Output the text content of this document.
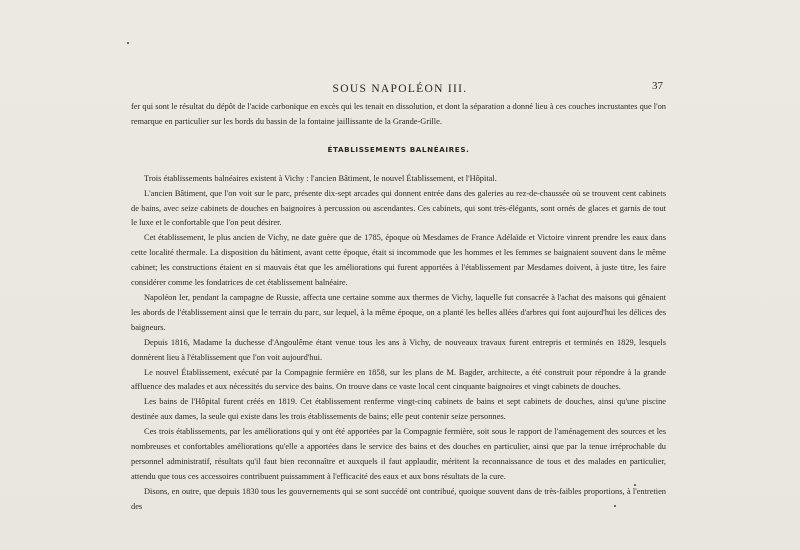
SOUS NAPOLÉON III.	37

fer qui sont le résultat du dépôt de l'acide carbonique en excès qui les tenait en dissolution, et dont la séparation a donné lieu à ces couches incrustantes que l'on remarque en particulier sur les bords du bassin de la fontaine jaillissante de la Grande-Grille.

ÉTABLISSEMENTS BALNÉAIRES.

Trois établissements balnéaires existent à Vichy : l'ancien Bâtiment, le nouvel Établissement, et l'Hôpital.

L'ancien Bâtiment, que l'on voit sur le parc, présente dix-sept arcades qui donnent entrée dans des galeries au rez-de-chaussée où se trouvent cent cabinets de bains, avec seize cabinets de douches en baignoires à percussion ou ascendantes. Ces cabinets, qui sont très-élégants, sont ornés de glaces et garnis de tout le luxe et le confortable que l'on peut désirer.

Cet établissement, le plus ancien de Vichy, ne date guère que de 1785, époque où Mesdames de France Adélaïde et Victoire vinrent prendre les eaux dans cette localité thermale. La disposition du bâtiment, avant cette époque, était si incommode que les hommes et les femmes se baignaient souvent dans le même cabinet; les constructions étaient en si mauvais état que les améliorations qui furent apportées à l'établissement par Mesdames doivent, à juste titre, les faire considérer comme les fondatrices de cet établissement balnéaire.

Napoléon Ier, pendant la campagne de Russie, affecta une certaine somme aux thermes de Vichy, laquelle fut consacrée à l'achat des maisons qui gênaient les abords de l'établissement ainsi que le terrain du parc, sur lequel, à la même époque, on a planté les belles allées d'arbres qui font aujourd'hui les délices des baigneurs.

Depuis 1816, Madame la duchesse d'Angoulême étant venue tous les ans à Vichy, de nouveaux travaux furent entrepris et terminés en 1829, lesquels donnèrent lieu à l'établissement que l'on voit aujourd'hui.

Le nouvel Établissement, exécuté par la Compagnie fermière en 1858, sur les plans de M. Bagder, architecte, a été construit pour répondre à la grande affluence des malades et aux nécessités du service des bains. On trouve dans ce vaste local cent cinquante baignoires et vingt cabinets de douches.

Les bains de l'Hôpital furent créés en 1819. Cet établissement renferme vingt-cinq cabinets de bains et sept cabinets de douches, ainsi qu'une piscine destinée aux dames, la seule qui existe dans les trois établissements de bains; elle peut contenir seize personnes.

Ces trois établissements, par les améliorations qui y ont été apportées par la Compagnie fermière, soit sous le rapport de l'aménagement des sources et les nombreuses et confortables améliorations qu'elle a apportées dans le service des bains et des douches en particulier, ainsi que par la tenue irréprochable du personnel administratif, résultats qu'il faut bien reconnaître et auxquels il faut applaudir, méritent la reconnaissance de tous et des malades en particulier, attendu que tous ces accessoires contribuent puissamment à l'efficacité des eaux et aux bons résultats de la cure.

Disons, en outre, que depuis 1830 tous les gouvernements qui se sont succédé ont contribué, quoique souvent dans de très-faibles proportions, à l'entretien des
